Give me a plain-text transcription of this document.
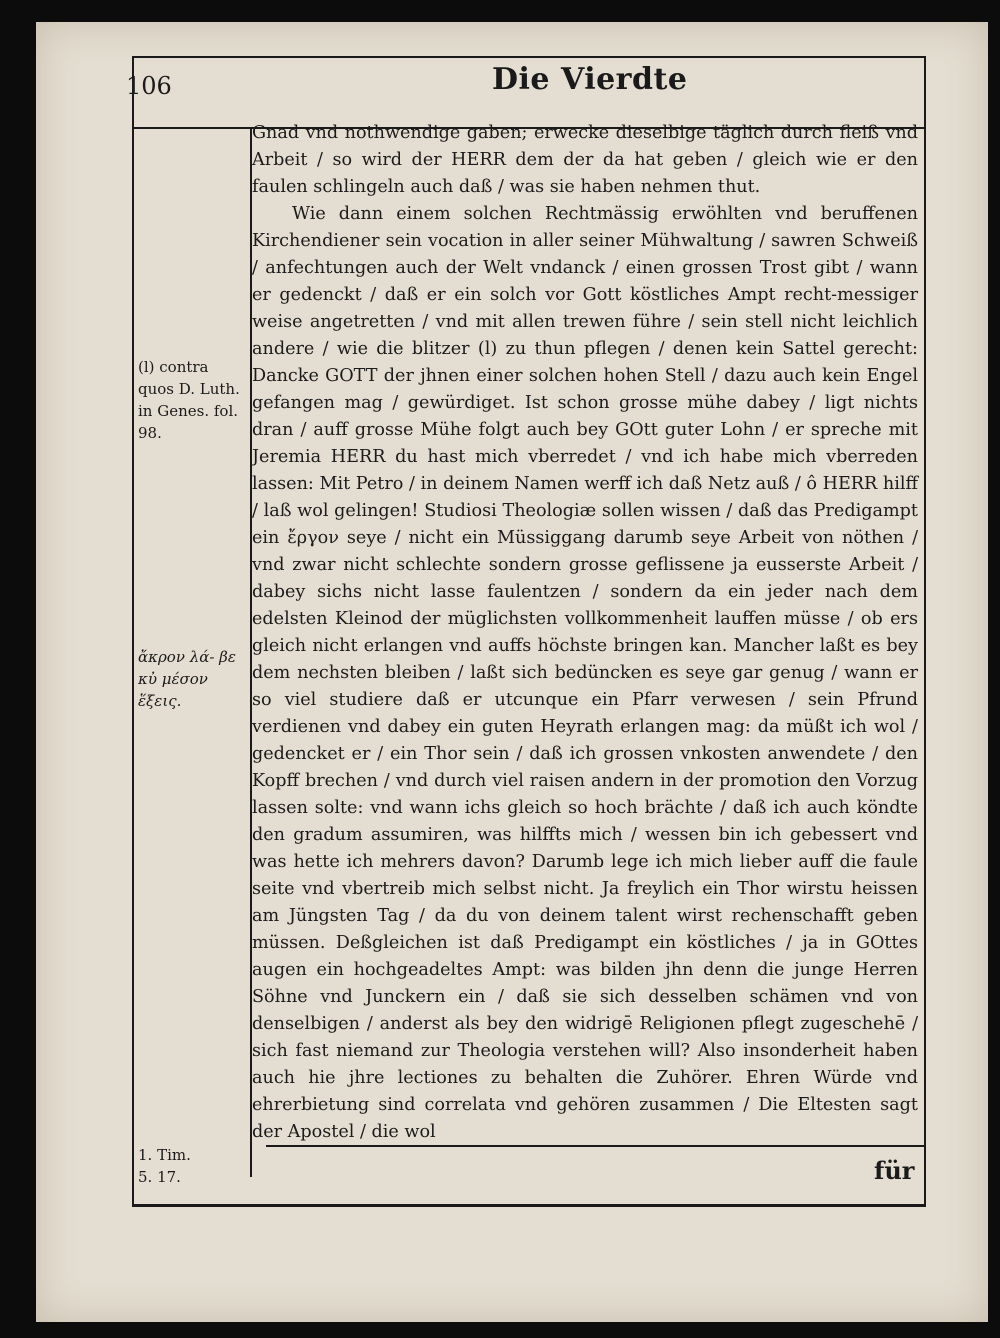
106	Die Vierdte
(l) contra quos D. Luth. in Genes. fol. 98.
ἄκρον λά- βε κὐ μέσον ἕξεις.
1. Tim. 5. 17.

Gnad vnd nothwendige gaben; erwecke dieselbige täglich durch fleiß vnd Arbeit / so wird der HERR dem der da hat geben / gleich wie er den faulen schlingeln auch daß / was sie haben nehmen thut.

Wie dann einem solchen Rechtmässig erwöhlten vnd beruffenen Kirchendiener sein vocation in aller seiner Mühwaltung / sawren Schweiß / anfechtungen auch der Welt vndanck / einen grossen Trost gibt / wann er gedenckt / daß er ein solch vor Gott köstliches Ampt recht-messiger weise angetretten / vnd mit allen trewen führe / sein stell nicht leichlich andere / wie die blitzer (l) zu thun pflegen / denen kein Sattel gerecht: Dancke GOTT der jhnen einer solchen hohen Stell / dazu auch kein Engel gefangen mag / gewürdiget. Ist schon grosse mühe dabey / ligt nichts dran / auff grosse Mühe folgt auch bey GOtt guter Lohn / er spreche mit Jeremia HERR du hast mich vberredet / vnd ich habe mich vberreden lassen: Mit Petro / in deinem Namen werff ich daß Netz auß / ô HERR hilff / laß wol gelingen! Studiosi Theologiæ sollen wissen / daß das Predigampt ein ἔργον seye / nicht ein Müssiggang darumb seye Arbeit von nöthen / vnd zwar nicht schlechte sondern grosse geflissene ja eusserste Arbeit / dabey sichs nicht lasse faulentzen / sondern da ein jeder nach dem edelsten Kleinod der müglichsten vollkommenheit lauffen müsse / ob ers gleich nicht erlangen vnd auffs höchste bringen kan. Mancher laßt es bey dem nechsten bleiben / laßt sich bedüncken es seye gar genug / wann er so viel studiere daß er utcunque ein Pfarr verwesen / sein Pfrund verdienen vnd dabey ein guten Heyrath erlangen mag: da müßt ich wol / gedencket er / ein Thor sein / daß ich grossen vnkosten anwendete / den Kopff brechen / vnd durch viel raisen andern in der promotion den Vorzug lassen solte: vnd wann ichs gleich so hoch brächte / daß ich auch köndte den gradum assumiren, was hilffts mich / wessen bin ich gebessert vnd was hette ich mehrers davon? Darumb lege ich mich lieber auff die faule seite vnd vbertreib mich selbst nicht. Ja freylich ein Thor wirstu heissen am Jüngsten Tag / da du von deinem talent wirst rechenschafft geben müssen. Deßgleichen ist daß Predigampt ein köstliches / ja in GOttes augen ein hochgeadeltes Ampt: was bilden jhn denn die junge Herren Söhne vnd Junckern ein / daß sie sich desselben schämen vnd von denselbigen / anderst als bey den widrigē Religionen pflegt zugeschehē / sich fast niemand zur Theologia verstehen will? Also insonderheit haben auch hie jhre lectiones zu behalten die Zuhörer. Ehren Würde vnd ehrerbietung sind correlata vnd gehören zusammen / Die Eltesten sagt der Apostel / die wol

für
